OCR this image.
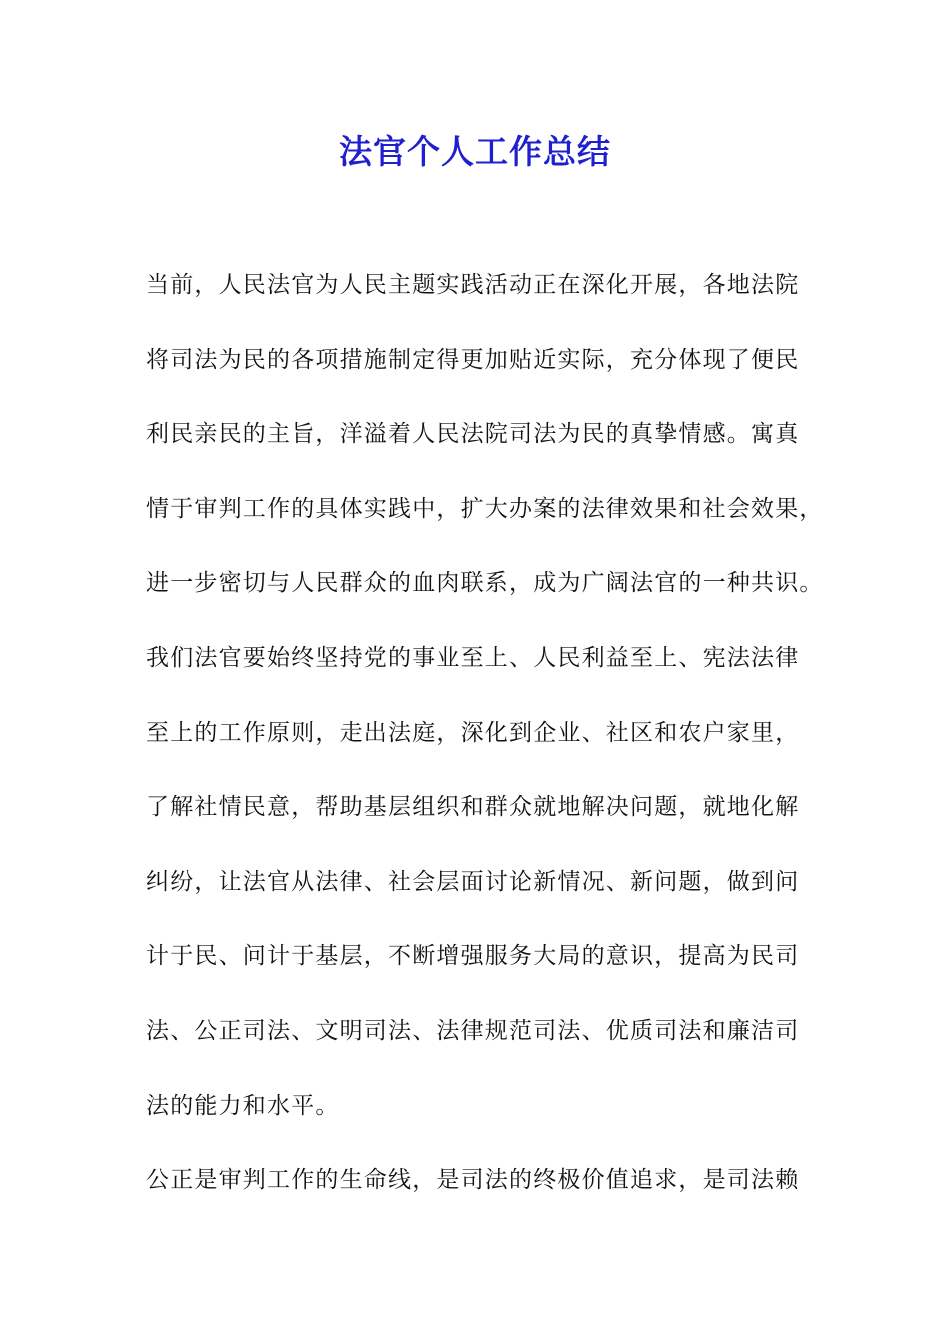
法官个人工作总结
当前，人民法官为人民主题实践活动正在深化开展，各地法院
将司法为民的各项措施制定得更加贴近实际，充分体现了便民
利民亲民的主旨，洋溢着人民法院司法为民的真挚情感。寓真
情于审判工作的具体实践中，扩大办案的法律效果和社会效果，
进一步密切与人民群众的血肉联系，成为广阔法官的一种共识。
我们法官要始终坚持党的事业至上、人民利益至上、宪法法律
至上的工作原则，走出法庭，深化到企业、社区和农户家里，
了解社情民意，帮助基层组织和群众就地解决问题，就地化解
纠纷，让法官从法律、社会层面讨论新情况、新问题，做到问
计于民、问计于基层，不断增强服务大局的意识，提高为民司
法、公正司法、文明司法、法律规范司法、优质司法和廉洁司
法的能力和水平。
公正是审判工作的生命线，是司法的终极价值追求，是司法赖
